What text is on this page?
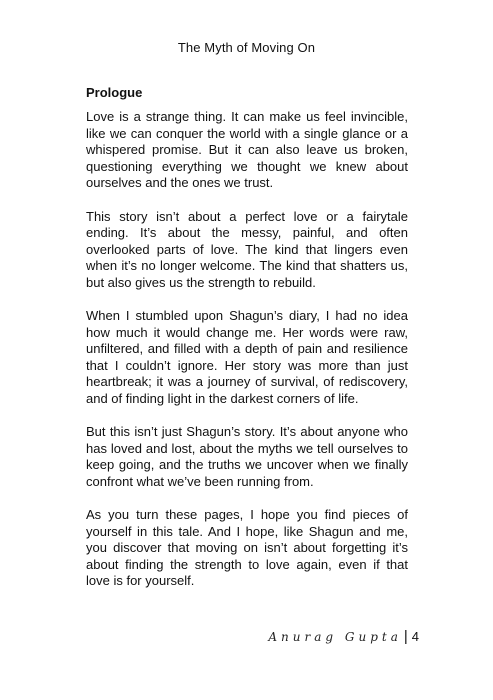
The Myth of Moving On
Prologue

Love is a strange thing. It can make us feel invincible, like we can conquer the world with a single glance or a whispered promise. But it can also leave us broken, questioning everything we thought we knew about ourselves and the ones we trust.

This story isn’t about a perfect love or a fairytale ending. It’s about the messy, painful, and often overlooked parts of love. The kind that lingers even when it’s no longer welcome. The kind that shatters us, but also gives us the strength to rebuild.

When I stumbled upon Shagun’s diary, I had no idea how much it would change me. Her words were raw, unfiltered, and filled with a depth of pain and resilience that I couldn’t ignore. Her story was more than just heartbreak; it was a journey of survival, of rediscovery, and of finding light in the darkest corners of life.

But this isn’t just Shagun’s story. It’s about anyone who has loved and lost, about the myths we tell ourselves to keep going, and the truths we uncover when we finally confront what we’ve been running from.

As you turn these pages, I hope you find pieces of yourself in this tale. And I hope, like Shagun and me, you discover that moving on isn’t about forgetting it’s about finding the strength to love again, even if that love is for yourself.

Anurag Gupta | 4
